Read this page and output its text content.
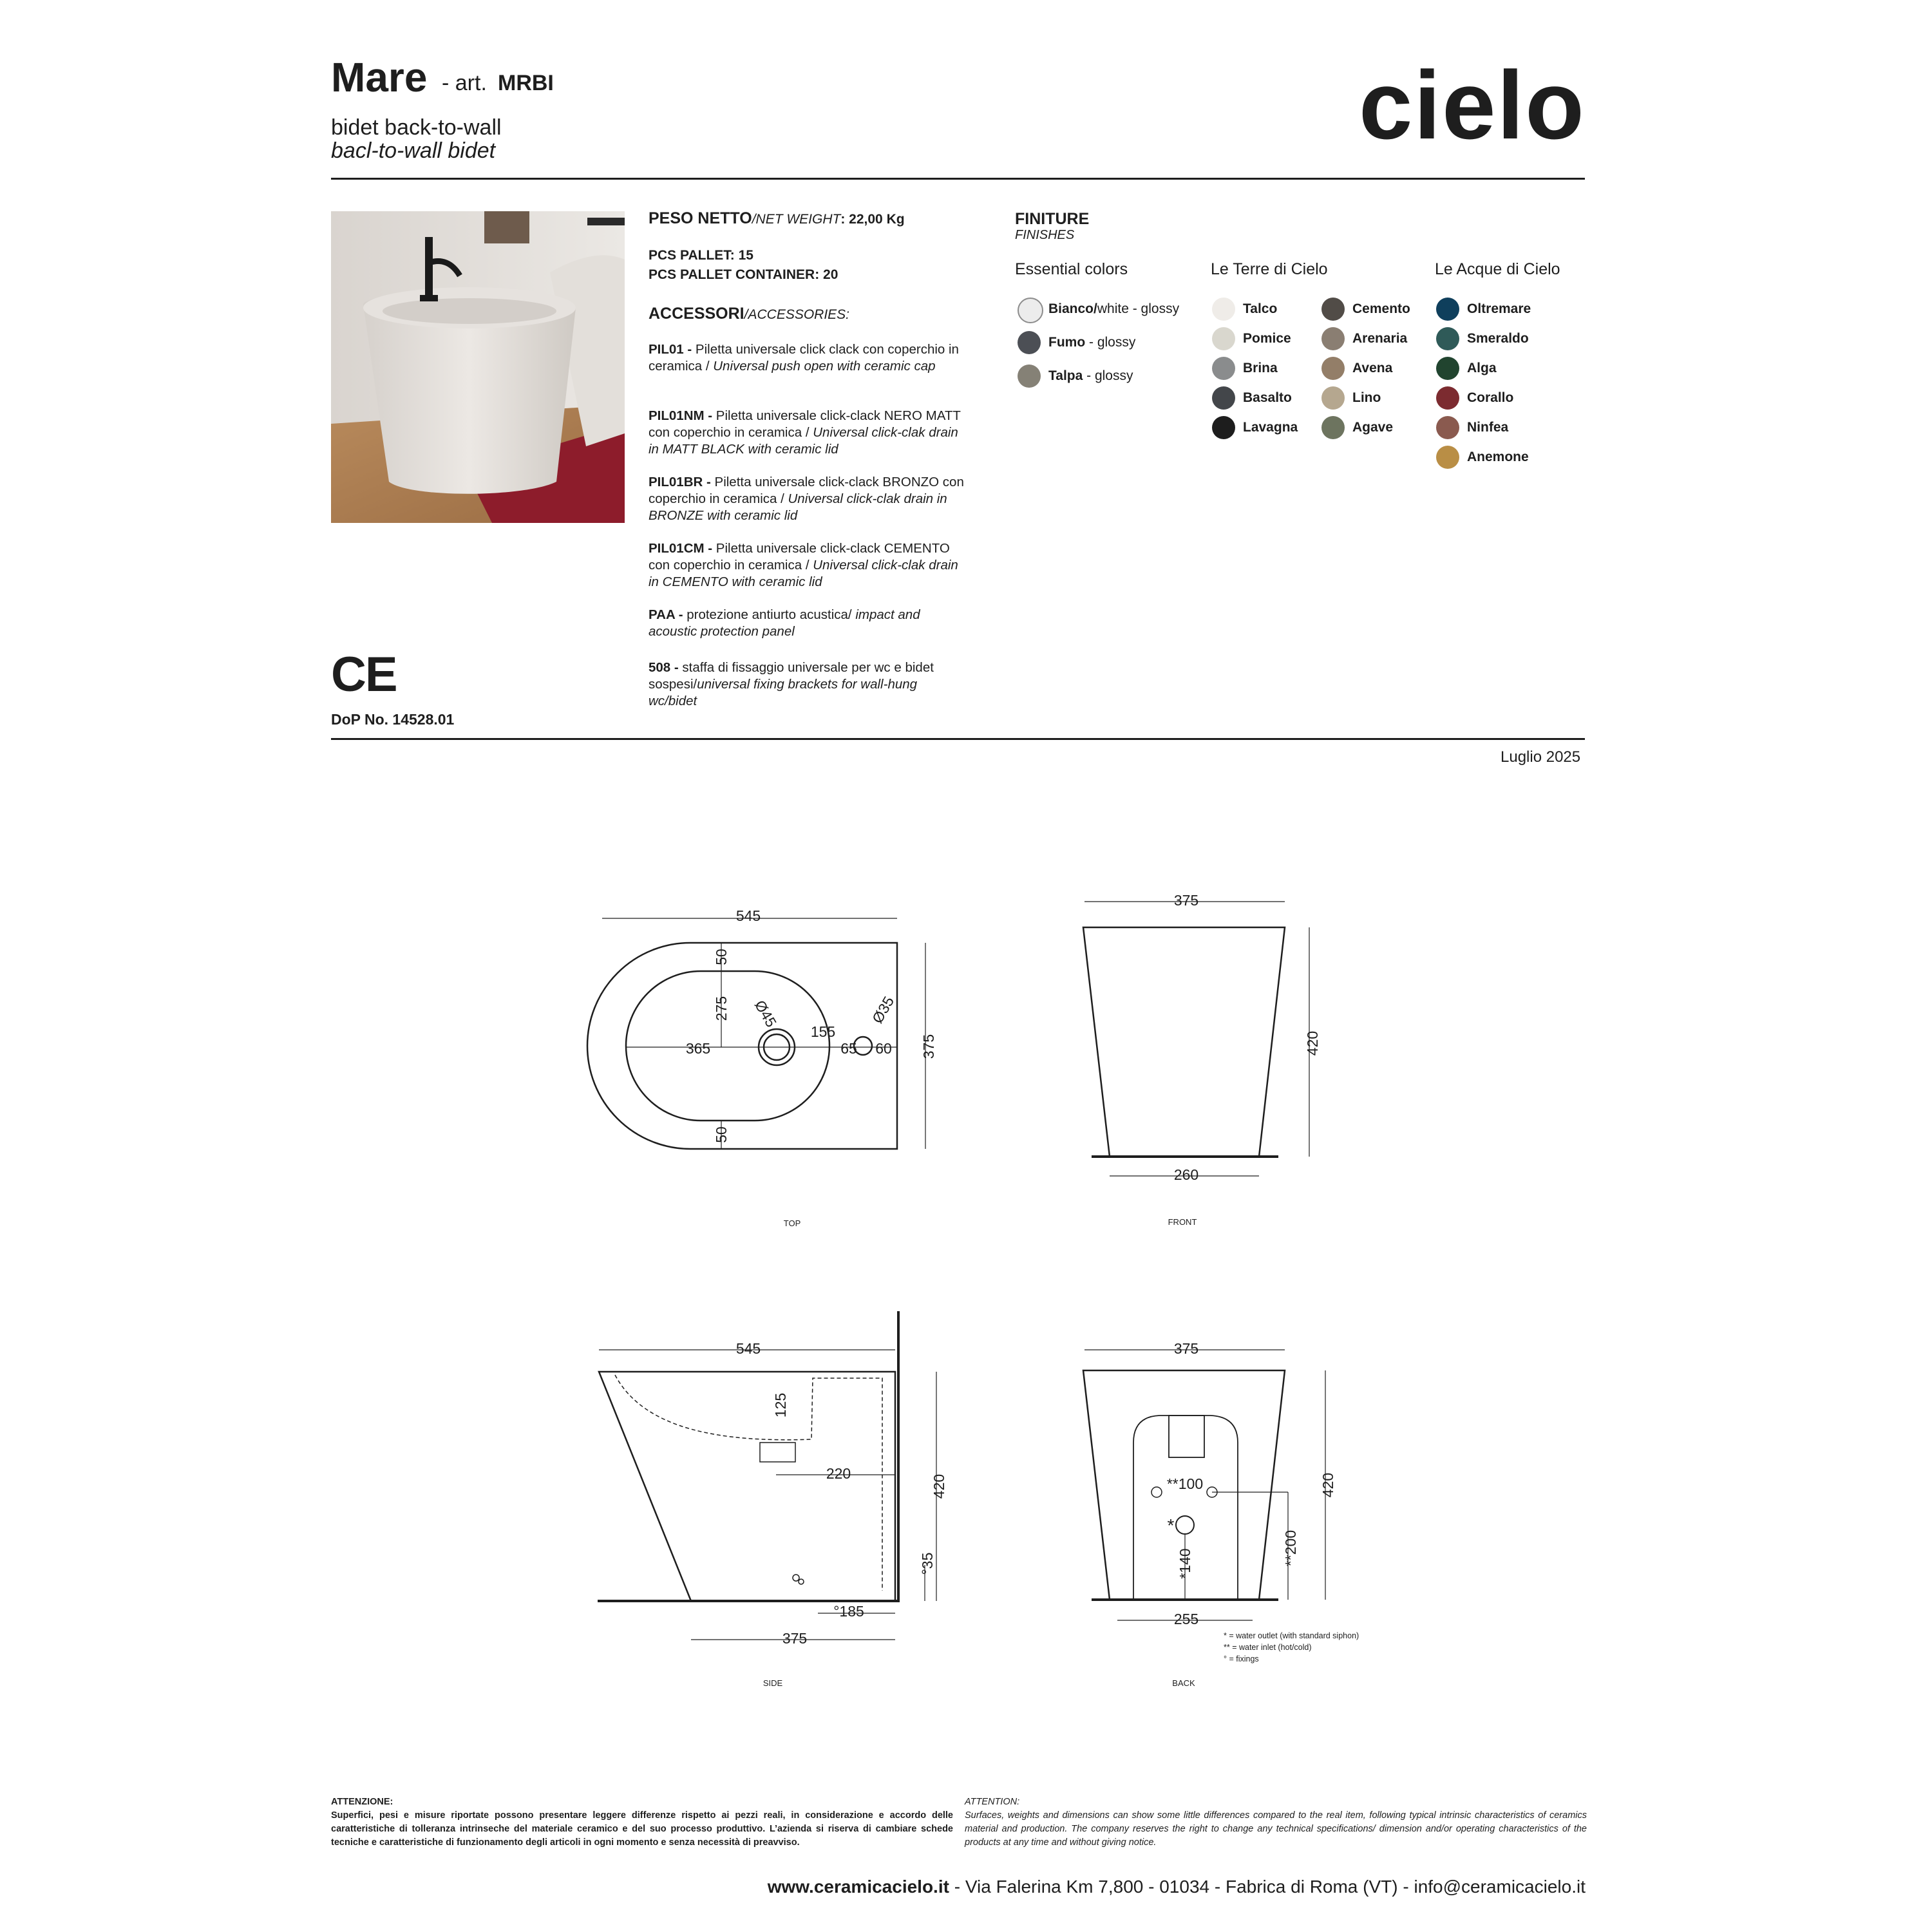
Mare - art. MRBI
bidet back-to-wall
bacl-to-wall bidet	cielo
PESO NETTO/NET WEIGHT: 22,00 Kg
PCS PALLET: 15
PCS PALLET CONTAINER: 20
ACCESSORI/ACCESSORIES:

PIL01 - Piletta universale click clack con coperchio in ceramica / Universal push open with ceramic cap

PIL01NM - Piletta universale click-clack NERO MATT con coperchio in ceramica / Universal click-clak drain in MATT BLACK with ceramic lid

PIL01BR - Piletta universale click-clack BRONZO con coperchio in ceramica / Universal click-clak drain in BRONZE with ceramic lid

PIL01CM - Piletta universale click-clack CEMENTO con coperchio in ceramica / Universal click-clak drain in CEMENTO with ceramic lid

PAA - protezione antiurto acustica/ impact and acoustic protection panel

508 - staffa di fissaggio universale per wc e bidet sospesi/universal fixing brackets for wall-hung wc/bidet

FINITURE
FINISHES
Essential colors	Le Terre di Cielo	Le Acque di Cielo
Bianco/white - glossy
Fumo - glossy
Talpa - glossy
Talco
Pomice
Brina
Basalto
Lavagna
Cemento
Arenaria
Avena
Lino
Agave
Oltremare
Smeraldo
Alga
Corallo
Ninfea
Anemone
CE
DoP No. 14528.01
Luglio 2025
545
375
50
275
50
365
Ø45
155
Ø35
65 60
TOP
375
420
260
FRONT
545
125
220
420
°35
°185
375
SIDE
375
420
**100
*
*140	**200
255
BACK
* = water outlet (with standard siphon)
** = water inlet (hot/cold)
° = fixings
ATTENZIONE:
Superfici, pesi e misure riportate possono presentare leggere differenze rispetto ai pezzi reali, in considerazione e accordo delle caratteristiche di tolleranza intrinseche del materiale ceramico e del suo processo produttivo. L’azienda si riserva di cambiare schede tecniche e caratteristiche di funzionamento degli articoli in ogni momento e senza necessità di preavviso.
ATTENTION:
Surfaces, weights and dimensions can show some little differences compared to the real item, following typical intrinsic characteristics of ceramics material and production. The company reserves the right to change any technical specifications/ dimension and/or operating characteristics of the products at any time and without giving notice.
www.ceramicacielo.it - Via Falerina Km 7,800 - 01034 - Fabrica di Roma (VT) - info@ceramicacielo.it
